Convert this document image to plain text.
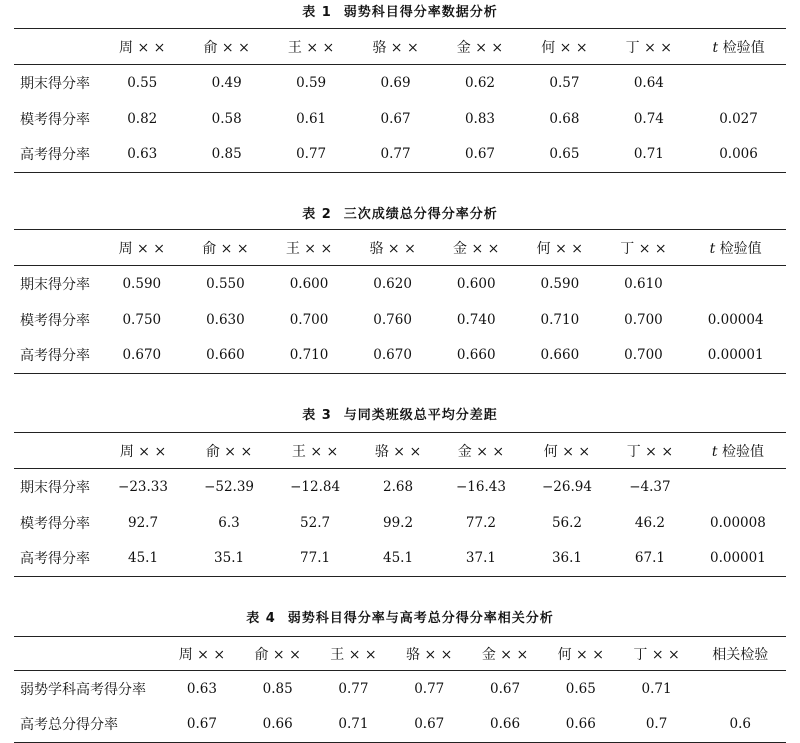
表 1 弱势科目得分率数据分析
	周 × ×	俞 × ×	王 × ×	骆 × ×	金 × ×	何 × ×	丁 × ×	t 检验值
期末得分率	0.55	0.49	0.59	0.69	0.62	0.57	0.64	
模考得分率	0.82	0.58	0.61	0.67	0.83	0.68	0.74	0.027
高考得分率	0.63	0.85	0.77	0.77	0.67	0.65	0.71	0.006
表 2 三次成绩总分得分率分析
	周 × ×	俞 × ×	王 × ×	骆 × ×	金 × ×	何 × ×	丁 × ×	t 检验值
期末得分率	0.590	0.550	0.600	0.620	0.600	0.590	0.610	
模考得分率	0.750	0.630	0.700	0.760	0.740	0.710	0.700	0.00004
高考得分率	0.670	0.660	0.710	0.670	0.660	0.660	0.700	0.00001
表 3 与同类班级总平均分差距
	周 × ×	俞 × ×	王 × ×	骆 × ×	金 × ×	何 × ×	丁 × ×	t 检验值
期末得分率	−23.33	−52.39	−12.84	2.68	−16.43	−26.94	−4.37	
模考得分率	92.7	6.3	52.7	99.2	77.2	56.2	46.2	0.00008
高考得分率	45.1	35.1	77.1	45.1	37.1	36.1	67.1	0.00001
表 4 弱势科目得分率与高考总分得分率相关分析
	周 × ×	俞 × ×	王 × ×	骆 × ×	金 × ×	何 × ×	丁 × ×	相关检验
弱势学科高考得分率	0.63	0.85	0.77	0.77	0.67	0.65	0.71	
高考总分得分率	0.67	0.66	0.71	0.67	0.66	0.66	0.7	0.6
